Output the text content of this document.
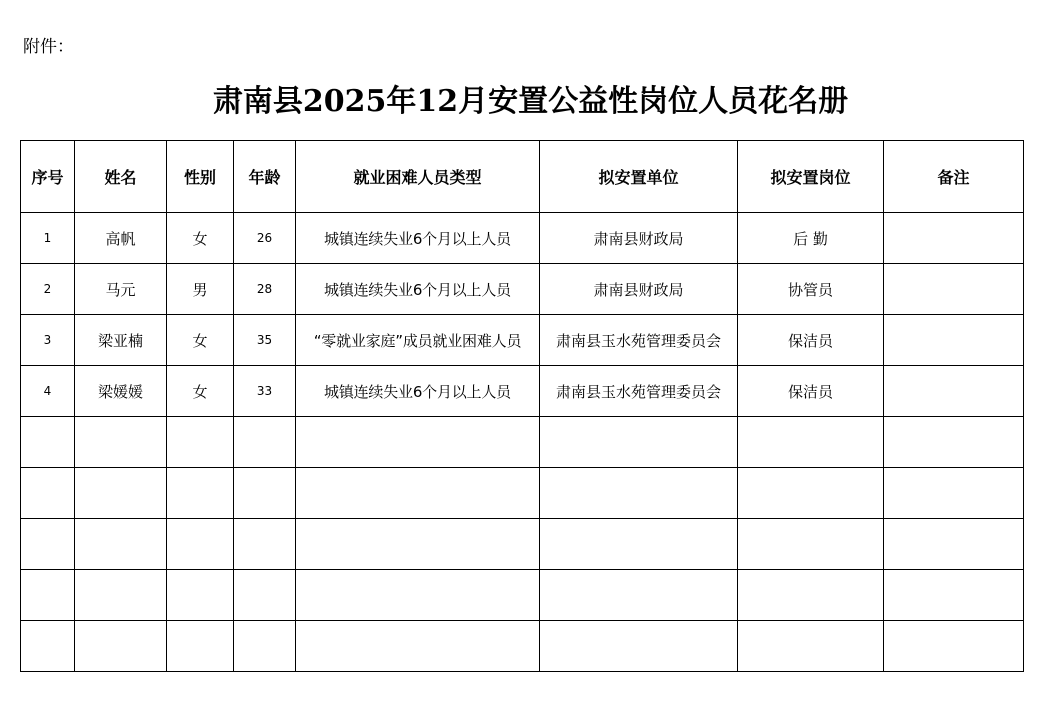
附件：
肃南县2025年12月安置公益性岗位人员花名册
序号	姓名	性别	年龄	就业困难人员类型	拟安置单位	拟安置岗位	备注
1	高帆	女	26	城镇连续失业6个月以上人员	肃南县财政局	后 勤	
2	马元	男	28	城镇连续失业6个月以上人员	肃南县财政局	协管员	
3	梁亚楠	女	35	“零就业家庭”成员就业困难人员	肃南县玉水苑管理委员会	保洁员	
4	梁媛媛	女	33	城镇连续失业6个月以上人员	肃南县玉水苑管理委员会	保洁员	
